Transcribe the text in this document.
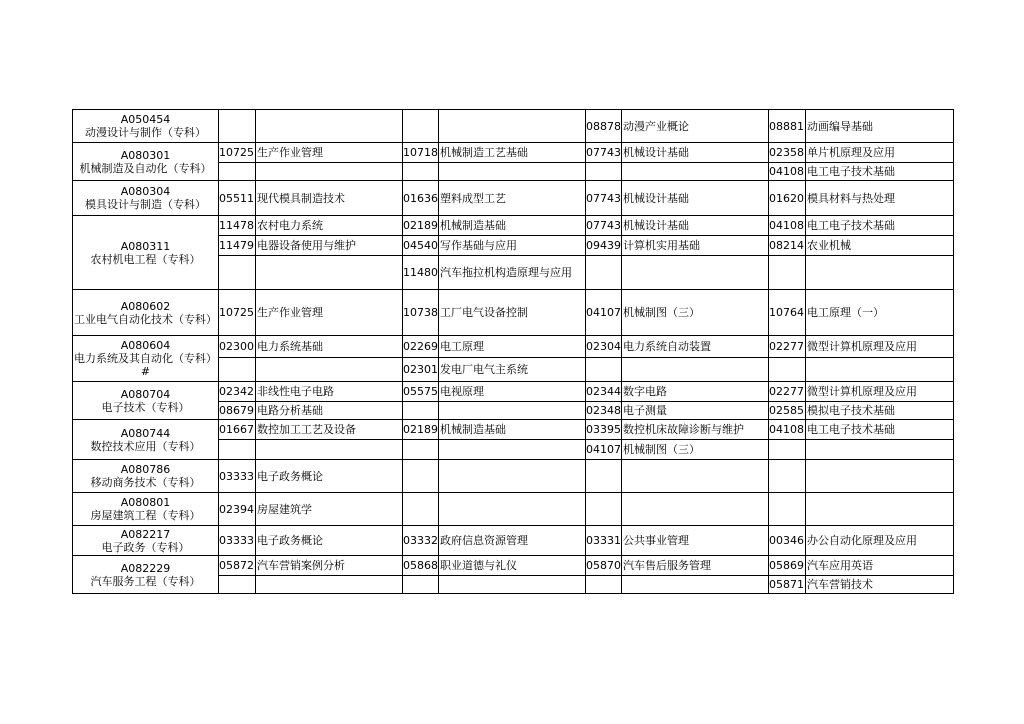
A050454
动漫设计与制作（专科）					08878	动漫产业概论	08881	动画编导基础

A080301
机械制造及自动化（专科）	10725	生产作业管理	10718	机械制造工艺基础	07743	机械设计基础	02358	单片机原理及应用
							04108	电工电子技术基础

A080304
模具设计与制造（专科）	05511	现代模具制造技术	01636	塑料成型工艺	07743	机械设计基础	01620	模具材料与热处理

A080311
农村机电工程（专科）	11478	农村电力系统	02189	机械制造基础	07743	机械设计基础	04108	电工电子技术基础
	11479	电器设备使用与维护	04540	写作基础与应用	09439	计算机实用基础	08214	农业机械
			11480	汽车拖拉机构造原理与应用				

A080602
工业电气自动化技术（专科）	10725	生产作业管理	10738	工厂电气设备控制	04107	机械制图（三）	10764	电工原理（一）

A080604
电力系统及其自动化（专科）#	02300	电力系统基础	02269	电工原理	02304	电力系统自动装置	02277	微型计算机原理及应用
			02301	发电厂电气主系统				

A080704
电子技术（专科）	02342	非线性电子电路	05575	电视原理	02344	数字电路	02277	微型计算机原理及应用
	08679	电路分析基础			02348	电子测量	02585	模拟电子技术基础

A080744
数控技术应用（专科）	01667	数控加工工艺及设备	02189	机械制造基础	03395	数控机床故障诊断与维护	04108	电工电子技术基础
					04107	机械制图（三）		

A080786
移动商务技术（专科）	03333	电子政务概论						

A080801
房屋建筑工程（专科）	02394	房屋建筑学						

A082217
电子政务（专科）	03333	电子政务概论	03332	政府信息资源管理	03331	公共事业管理	00346	办公自动化原理及应用

A082229
汽车服务工程（专科）	05872	汽车营销案例分析	05868	职业道德与礼仪	05870	汽车售后服务管理	05869	汽车应用英语
							05871	汽车营销技术
